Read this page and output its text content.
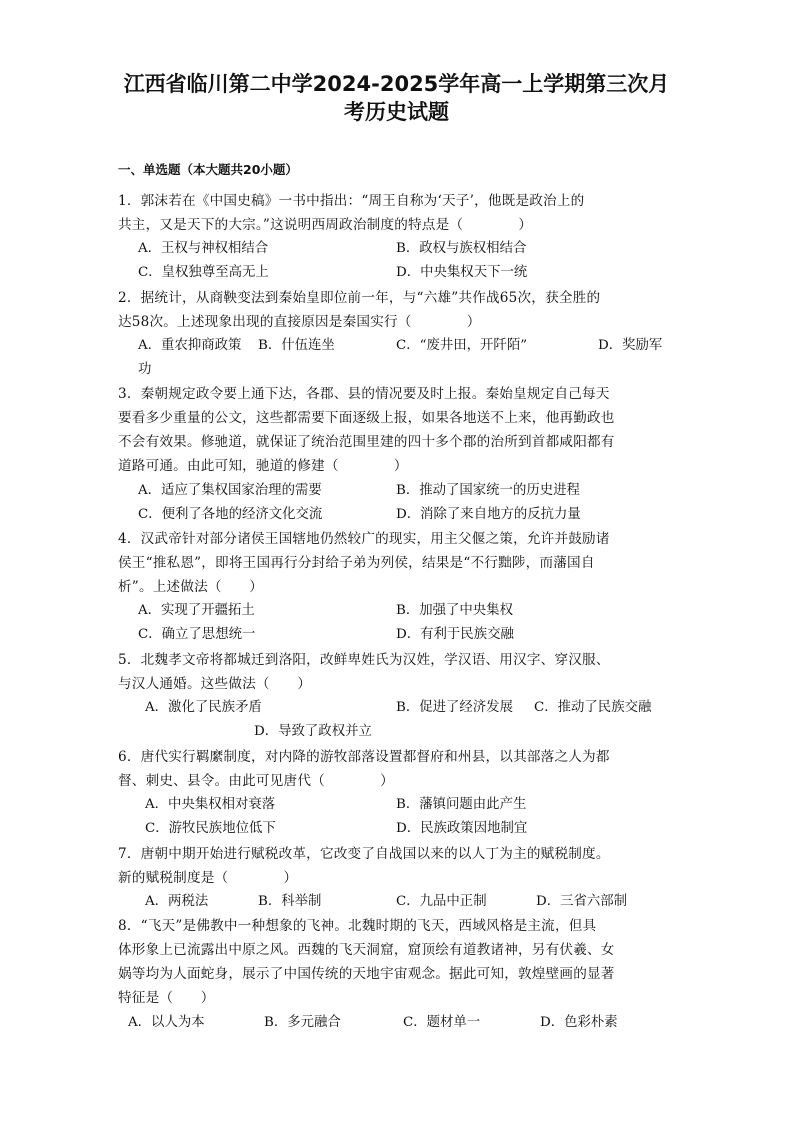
江西省临川第二中学2024-2025学年高一上学期第三次月
考历史试题
一、单选题（本大题共20小题）
1．郭沫若在《中国史稿》一书中指出：“周王自称为‘天子’，他既是政治上的
共主，又是天下的大宗。”这说明西周政治制度的特点是（　　　　）
A．王权与神权相结合	B．政权与族权相结合
C．皇权独尊至高无上	D．中央集权天下一统
2．据统计，从商鞅变法到秦始皇即位前一年，与“六雄”共作战65次，获全胜的
达58次。上述现象出现的直接原因是秦国实行（　　　　）
A．重农抑商政策 B．什伍连坐	C．“废井田，开阡陌”	D．奖励军
功
3．秦朝规定政令要上通下达，各郡、县的情况要及时上报。秦始皇规定自己每天
要看多少重量的公文，这些都需要下面逐级上报，如果各地送不上来，他再勤政也
不会有效果。修驰道，就保证了统治范围里建的四十多个郡的治所到首都咸阳都有
道路可通。由此可知，驰道的修建（　　　　）
A．适应了集权国家治理的需要	B．推动了国家统一的历史进程
C．便利了各地的经济文化交流	D．消除了来自地方的反抗力量
4．汉武帝针对部分诸侯王国辖地仍然较广的现实，用主父偃之策，允许并鼓励诸
侯王“推私恩”，即将王国再行分封给子弟为列侯，结果是“不行黜陟，而藩国自
析”。上述做法（　　）
A．实现了开疆拓土	B．加强了中央集权
C．确立了思想统一	D．有利于民族交融
5．北魏孝文帝将都城迁到洛阳，改鲜卑姓氏为汉姓，学汉语、用汉字、穿汉服、
与汉人通婚。这些做法（　　）
A．激化了民族矛盾	B．促进了经济发展 C．推动了民族交融
D．导致了政权并立
6．唐代实行羁縻制度，对内降的游牧部落设置都督府和州县，以其部落之人为都
督、刺史、县令。由此可见唐代（　　　　）
A．中央集权相对衰落	B．藩镇问题由此产生
C．游牧民族地位低下	D．民族政策因地制宜
7．唐朝中期开始进行赋税改革，它改变了自战国以来的以人丁为主的赋税制度。
新的赋税制度是（　　　　）
A．两税法	B．科举制	C．九品中正制	D．三省六部制
8．“飞天”是佛教中一种想象的飞神。北魏时期的飞天，西域风格是主流，但具
体形象上已流露出中原之风。西魏的飞天洞窟，窟顶绘有道教诸神，另有伏羲、女
娲等均为人面蛇身，展示了中国传统的天地宇宙观念。据此可知，敦煌壁画的显著
特征是（　　）
A．以人为本	B．多元融合	C．题材单一	D．色彩朴素
